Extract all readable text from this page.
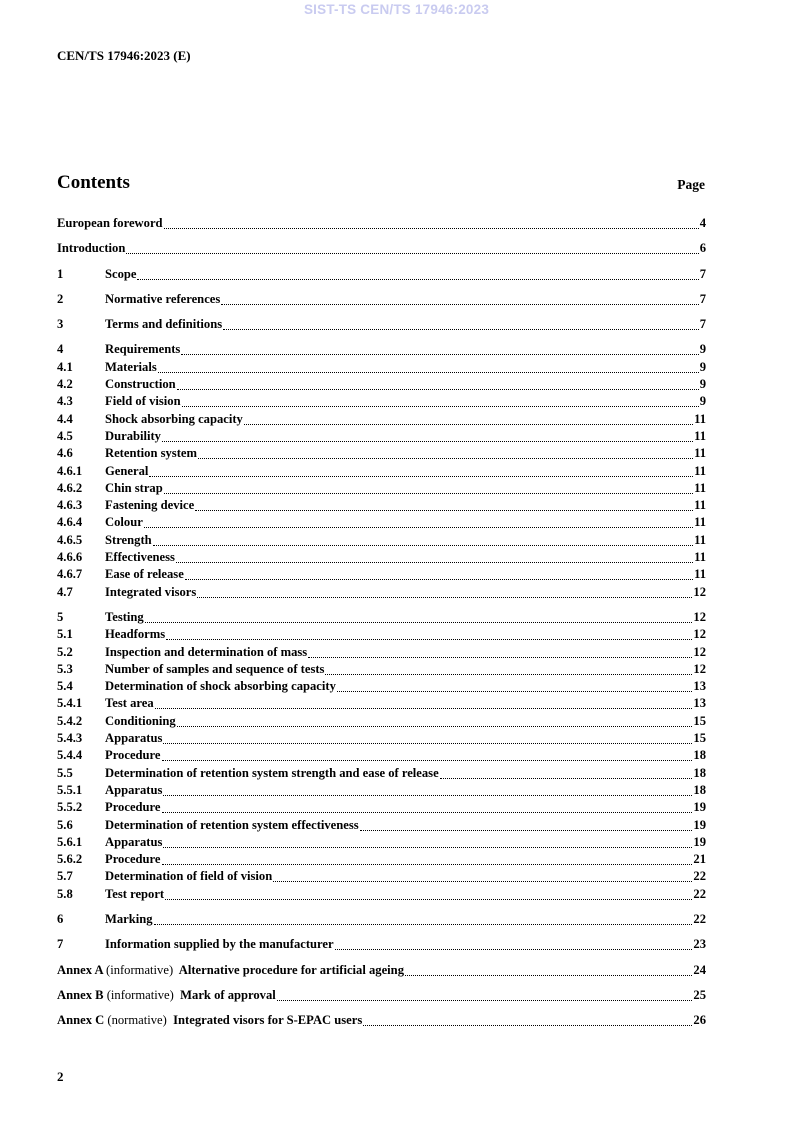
SIST-TS CEN/TS 17946:2023
CEN/TS 17946:2023 (E)
Contents	Page
European foreword	4
Introduction	6
1	Scope	7
2	Normative references	7
3	Terms and definitions	7
4	Requirements	9
4.1	Materials	9
4.2	Construction	9
4.3	Field of vision	9
4.4	Shock absorbing capacity	11
4.5	Durability	11
4.6	Retention system	11
4.6.1	General	11
4.6.2	Chin strap	11
4.6.3	Fastening device	11
4.6.4	Colour	11
4.6.5	Strength	11
4.6.6	Effectiveness	11
4.6.7	Ease of release	11
4.7	Integrated visors	12
5	Testing	12
5.1	Headforms	12
5.2	Inspection and determination of mass	12
5.3	Number of samples and sequence of tests	12
5.4	Determination of shock absorbing capacity	13
5.4.1	Test area	13
5.4.2	Conditioning	15
5.4.3	Apparatus	15
5.4.4	Procedure	18
5.5	Determination of retention system strength and ease of release	18
5.5.1	Apparatus	18
5.5.2	Procedure	19
5.6	Determination of retention system effectiveness	19
5.6.1	Apparatus	19
5.6.2	Procedure	21
5.7	Determination of field of vision	22
5.8	Test report	22
6	Marking	22
7	Information supplied by the manufacturer	23
Annex A (informative) Alternative procedure for artificial ageing	24
Annex B (informative) Mark of approval	25
Annex C (normative) Integrated visors for S-EPAC users	26
2
